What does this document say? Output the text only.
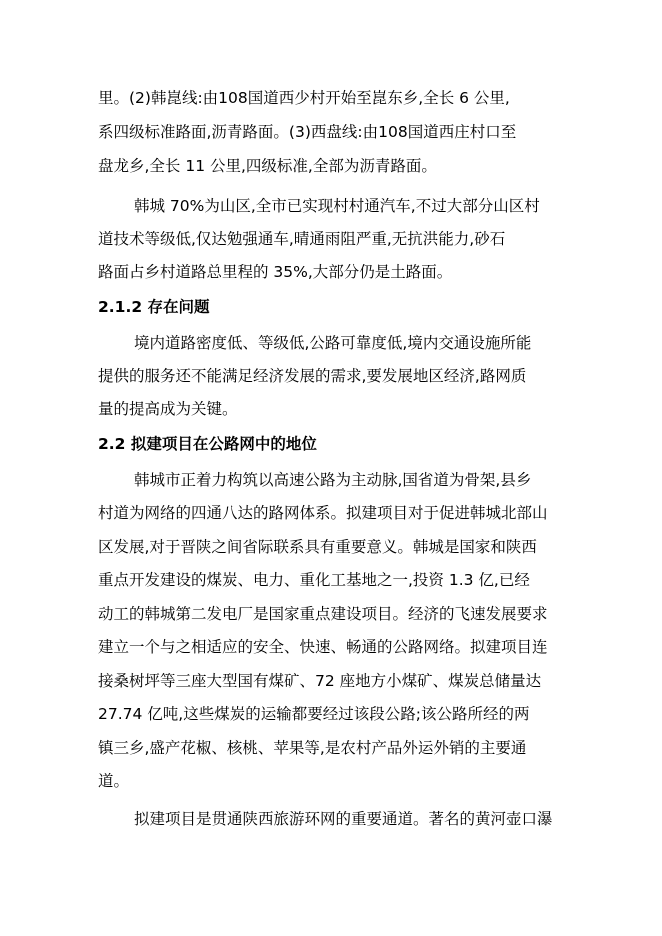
里。(2)韩崑线:由108国道西少村开始至崑东乡,全长 6 公里,
系四级标准路面,沥青路面。(3)西盘线:由108国道西庄村口至
盘龙乡,全长 11 公里,四级标准,全部为沥青路面。
韩城 70%为山区,全市已实现村村通汽车,不过大部分山区村
道技术等级低,仅达勉强通车,晴通雨阻严重,无抗洪能力,砂石
路面占乡村道路总里程的 35%,大部分仍是土路面。
2.1.2 存在问题
境内道路密度低、等级低,公路可靠度低,境内交通设施所能
提供的服务还不能满足经济发展的需求,要发展地区经济,路网质
量的提高成为关键。
2.2 拟建项目在公路网中的地位
韩城市正着力构筑以高速公路为主动脉,国省道为骨架,县乡
村道为网络的四通八达的路网体系。拟建项目对于促进韩城北部山
区发展,对于晋陕之间省际联系具有重要意义。韩城是国家和陕西
重点开发建设的煤炭、电力、重化工基地之一,投资 1.3 亿,已经
动工的韩城第二发电厂是国家重点建设项目。经济的飞速发展要求
建立一个与之相适应的安全、快速、畅通的公路网络。拟建项目连
接桑树坪等三座大型国有煤矿、72 座地方小煤矿、煤炭总储量达
27.74 亿吨,这些煤炭的运输都要经过该段公路;该公路所经的两
镇三乡,盛产花椒、核桃、苹果等,是农村产品外运外销的主要通
道。
拟建项目是贯通陕西旅游环网的重要通道。著名的黄河壶口瀑
